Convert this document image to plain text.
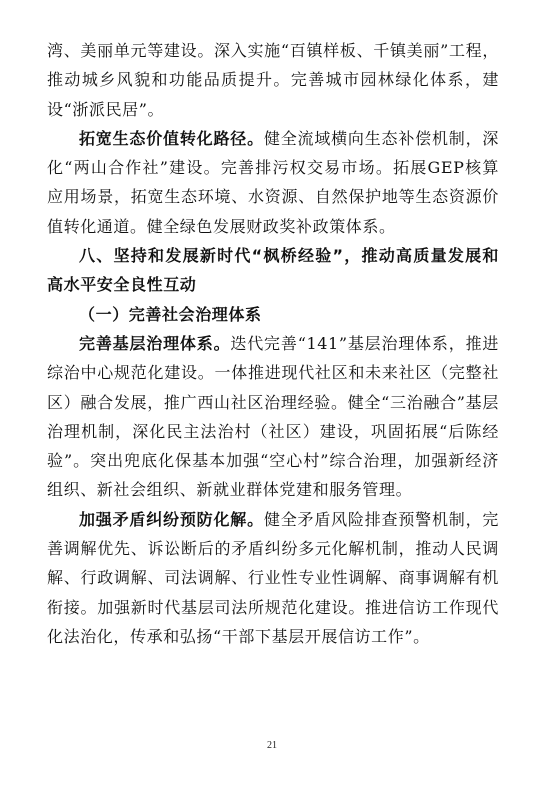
湾、美丽单元等建设。深入实施“百镇样板、千镇美丽”工程，推动城乡风貌和功能品质提升。完善城市园林绿化体系，建设“浙派民居”。

拓宽生态价值转化路径。健全流域横向生态补偿机制，深化“两山合作社”建设。完善排污权交易市场。拓展GEP核算应用场景，拓宽生态环境、水资源、自然保护地等生态资源价值转化通道。健全绿色发展财政奖补政策体系。

八、坚持和发展新时代“枫桥经验”，推动高质量发展和高水平安全良性互动

（一）完善社会治理体系

完善基层治理体系。迭代完善“141”基层治理体系，推进综治中心规范化建设。一体推进现代社区和未来社区（完整社区）融合发展，推广西山社区治理经验。健全“三治融合”基层治理机制，深化民主法治村（社区）建设，巩固拓展“后陈经验”。突出兜底化保基本加强“空心村”综合治理，加强新经济组织、新社会组织、新就业群体党建和服务管理。

加强矛盾纠纷预防化解。健全矛盾风险排查预警机制，完善调解优先、诉讼断后的矛盾纠纷多元化解机制，推动人民调解、行政调解、司法调解、行业性专业性调解、商事调解有机衔接。加强新时代基层司法所规范化建设。推进信访工作现代化法治化，传承和弘扬“干部下基层开展信访工作”。

21
